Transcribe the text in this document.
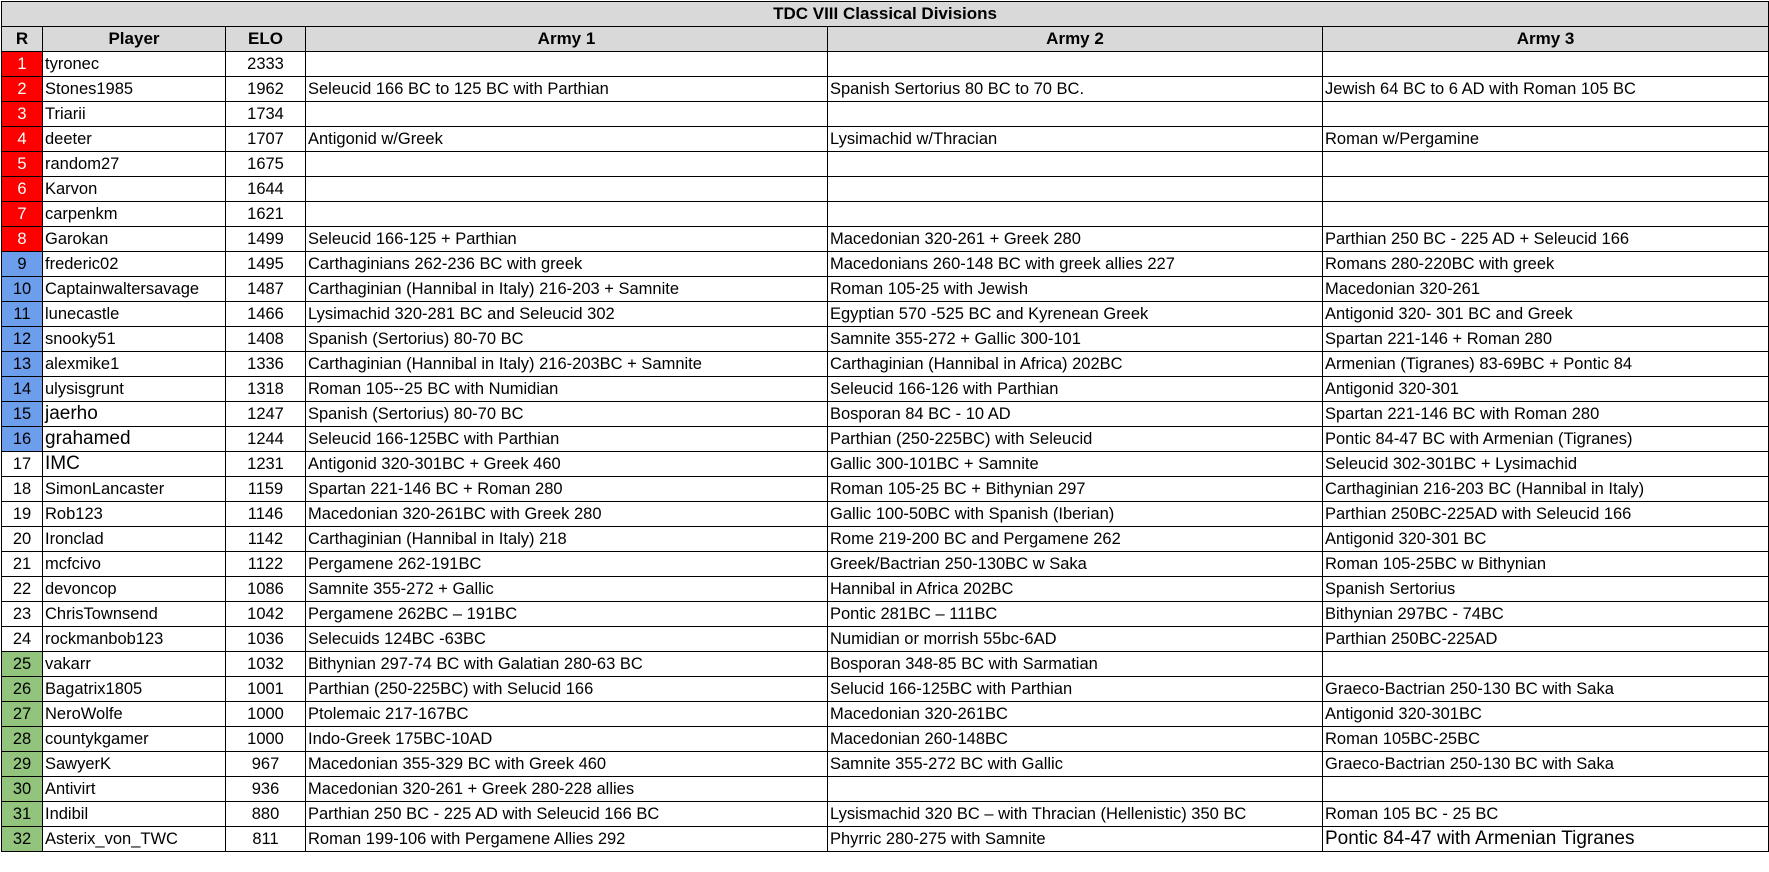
TDC VIII Classical Divisions					
R	Player	ELO	Army 1	Army 2	Army 3
1	tyronec	2333			
2	Stones1985	1962	Seleucid 166 BC to 125 BC with Parthian	Spanish Sertorius 80 BC to 70 BC.	Jewish 64 BC to 6 AD with Roman 105 BC
3	Triarii	1734			
4	deeter	1707	Antigonid w/Greek	Lysimachid w/Thracian	Roman w/Pergamine
5	random27	1675			
6	Karvon	1644			
7	carpenkm	1621			
8	Garokan	1499	Seleucid 166-125 + Parthian	Macedonian 320-261 + Greek 280	Parthian 250 BC - 225 AD + Seleucid 166
9	frederic02	1495	Carthaginians 262-236 BC with greek	Macedonians 260-148 BC with greek allies 227	Romans 280-220BC with greek
10	Captainwaltersavage	1487	Carthaginian (Hannibal in Italy) 216-203 + Samnite	Roman 105-25 with Jewish	Macedonian 320-261
11	lunecastle	1466	Lysimachid 320-281 BC and Seleucid 302	Egyptian 570 -525 BC and Kyrenean Greek	Antigonid 320- 301 BC and Greek
12	snooky51	1408	Spanish (Sertorius) 80-70 BC	Samnite 355-272 + Gallic 300-101	Spartan 221-146 + Roman 280
13	alexmike1	1336	Carthaginian (Hannibal in Italy) 216-203BC + Samnite	Carthaginian (Hannibal in Africa) 202BC	Armenian (Tigranes) 83-69BC + Pontic 84
14	ulysisgrunt	1318	Roman 105--25 BC with Numidian	Seleucid 166-126 with Parthian	Antigonid 320-301
15	jaerho	1247	Spanish (Sertorius) 80-70 BC	Bosporan 84 BC - 10 AD	Spartan 221-146 BC with Roman 280
16	grahamed	1244	Seleucid 166-125BC with Parthian	Parthian (250-225BC) with Seleucid	Pontic 84-47 BC with Armenian (Tigranes)
17	IMC	1231	Antigonid 320-301BC + Greek 460	Gallic 300-101BC + Samnite	Seleucid 302-301BC + Lysimachid
18	SimonLancaster	1159	Spartan 221-146 BC + Roman 280	Roman 105-25 BC + Bithynian 297	Carthaginian 216-203 BC (Hannibal in Italy)
19	Rob123	1146	Macedonian 320-261BC with Greek 280	Gallic 100-50BC with Spanish (Iberian)	Parthian 250BC-225AD with Seleucid 166
20	Ironclad	1142	Carthaginian (Hannibal in Italy) 218	Rome 219-200 BC and Pergamene 262	Antigonid 320-301 BC
21	mcfcivo	1122	Pergamene 262-191BC	Greek/Bactrian 250-130BC w Saka	Roman 105-25BC w Bithynian
22	devoncop	1086	Samnite 355-272 + Gallic	Hannibal in Africa 202BC	Spanish Sertorius
23	ChrisTownsend	1042	Pergamene 262BC – 191BC	Pontic 281BC – 111BC	Bithynian 297BC - 74BC
24	rockmanbob123	1036	Selecuids 124BC -63BC	Numidian or morrish 55bc-6AD	Parthian 250BC-225AD
25	vakarr	1032	Bithynian 297-74 BC with Galatian 280-63 BC	Bosporan 348-85 BC with Sarmatian	
26	Bagatrix1805	1001	Parthian (250-225BC) with Selucid 166	Selucid 166-125BC with Parthian	Graeco-Bactrian 250-130 BC with Saka
27	NeroWolfe	1000	Ptolemaic 217-167BC	Macedonian 320-261BC	Antigonid 320-301BC
28	countykgamer	1000	Indo-Greek 175BC-10AD	Macedonian 260-148BC	Roman 105BC-25BC
29	SawyerK	967	Macedonian 355-329 BC with Greek 460	Samnite 355-272 BC with Gallic	Graeco-Bactrian 250-130 BC with Saka
30	Antivirt	936	Macedonian 320-261 + Greek 280-228 allies		
31	Indibil	880	Parthian 250 BC - 225 AD with Seleucid 166 BC	Lysismachid 320 BC – with Thracian (Hellenistic) 350 BC	Roman 105 BC - 25 BC
32	Asterix_von_TWC	811	Roman 199-106 with Pergamene Allies 292	Phyrric 280-275 with Samnite	Pontic 84-47 with Armenian Tigranes
